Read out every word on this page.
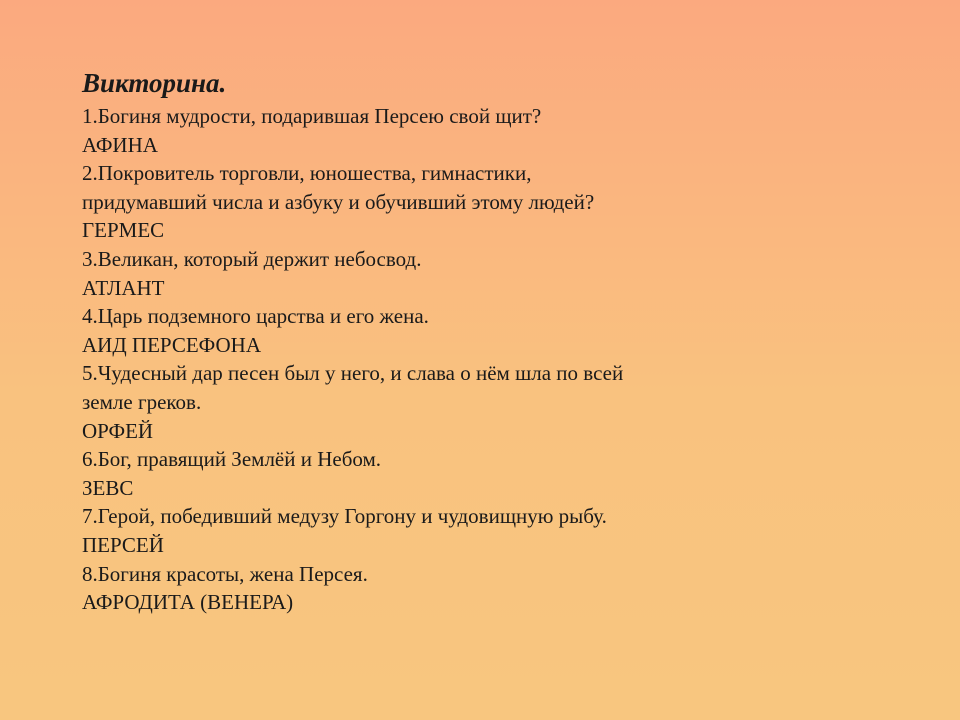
Викторина.

1.Богиня мудрости, подарившая Персею свой щит?

АФИНА

2.Покровитель торговли, юношества, гимнастики,

придумавший числа и азбуку и обучивший этому людей?

ГЕРМЕС

3.Великан, который держит небосвод.

АТЛАНТ

4.Царь подземного царства и его жена.

АИД ПЕРСЕФОНА

5.Чудесный дар песен был у него, и слава о нём шла по всей

земле греков.

ОРФЕЙ

6.Бог, правящий Землёй и Небом.

ЗЕВС

7.Герой, победивший медузу Горгону и чудовищную рыбу.

ПЕРСЕЙ

8.Богиня красоты, жена Персея.

АФРОДИТА (ВЕНЕРА)
